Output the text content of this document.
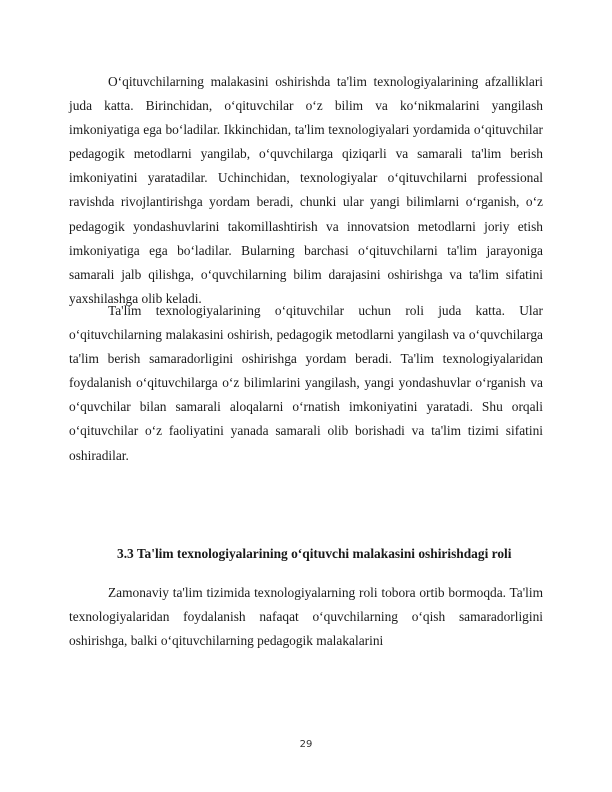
O‘qituvchilarning malakasini oshirishda ta'lim texnologiyalarining afzalliklari juda katta. Birinchidan, o‘qituvchilar o‘z bilim va ko‘nikmalarini yangilash imkoniyatiga ega bo‘ladilar. Ikkinchidan, ta'lim texnologiyalari yordamida o‘qituvchilar pedagogik metodlarni yangilab, o‘quvchilarga qiziqarli va samarali ta'lim berish imkoniyatini yaratadilar. Uchinchidan, texnologiyalar o‘qituvchilarni professional ravishda rivojlantirishga yordam beradi, chunki ular yangi bilimlarni o‘rganish, o‘z pedagogik yondashuvlarini takomillashtirish va innovatsion metodlarni joriy etish imkoniyatiga ega bo‘ladilar. Bularning barchasi o‘qituvchilarni ta'lim jarayoniga samarali jalb qilishga, o‘quvchilarning bilim darajasini oshirishga va ta'lim sifatini yaxshilashga olib keladi.

Ta'lim texnologiyalarining o‘qituvchilar uchun roli juda katta. Ular o‘qituvchilarning malakasini oshirish, pedagogik metodlarni yangilash va o‘quvchilarga ta'lim berish samaradorligini oshirishga yordam beradi. Ta'lim texnologiyalaridan foydalanish o‘qituvchilarga o‘z bilimlarini yangilash, yangi yondashuvlar o‘rganish va o‘quvchilar bilan samarali aloqalarni o‘rnatish imkoniyatini yaratadi. Shu orqali o‘qituvchilar o‘z faoliyatini yanada samarali olib borishadi va ta'lim tizimi sifatini oshiradilar.

3.3 Ta'lim texnologiyalarining o‘qituvchi malakasini oshirishdagi roli

Zamonaviy ta'lim tizimida texnologiyalarning roli tobora ortib bormoqda. Ta'lim texnologiyalaridan foydalanish nafaqat o‘quvchilarning o‘qish samaradorligini oshirishga, balki o‘qituvchilarning pedagogik malakalarini

29
